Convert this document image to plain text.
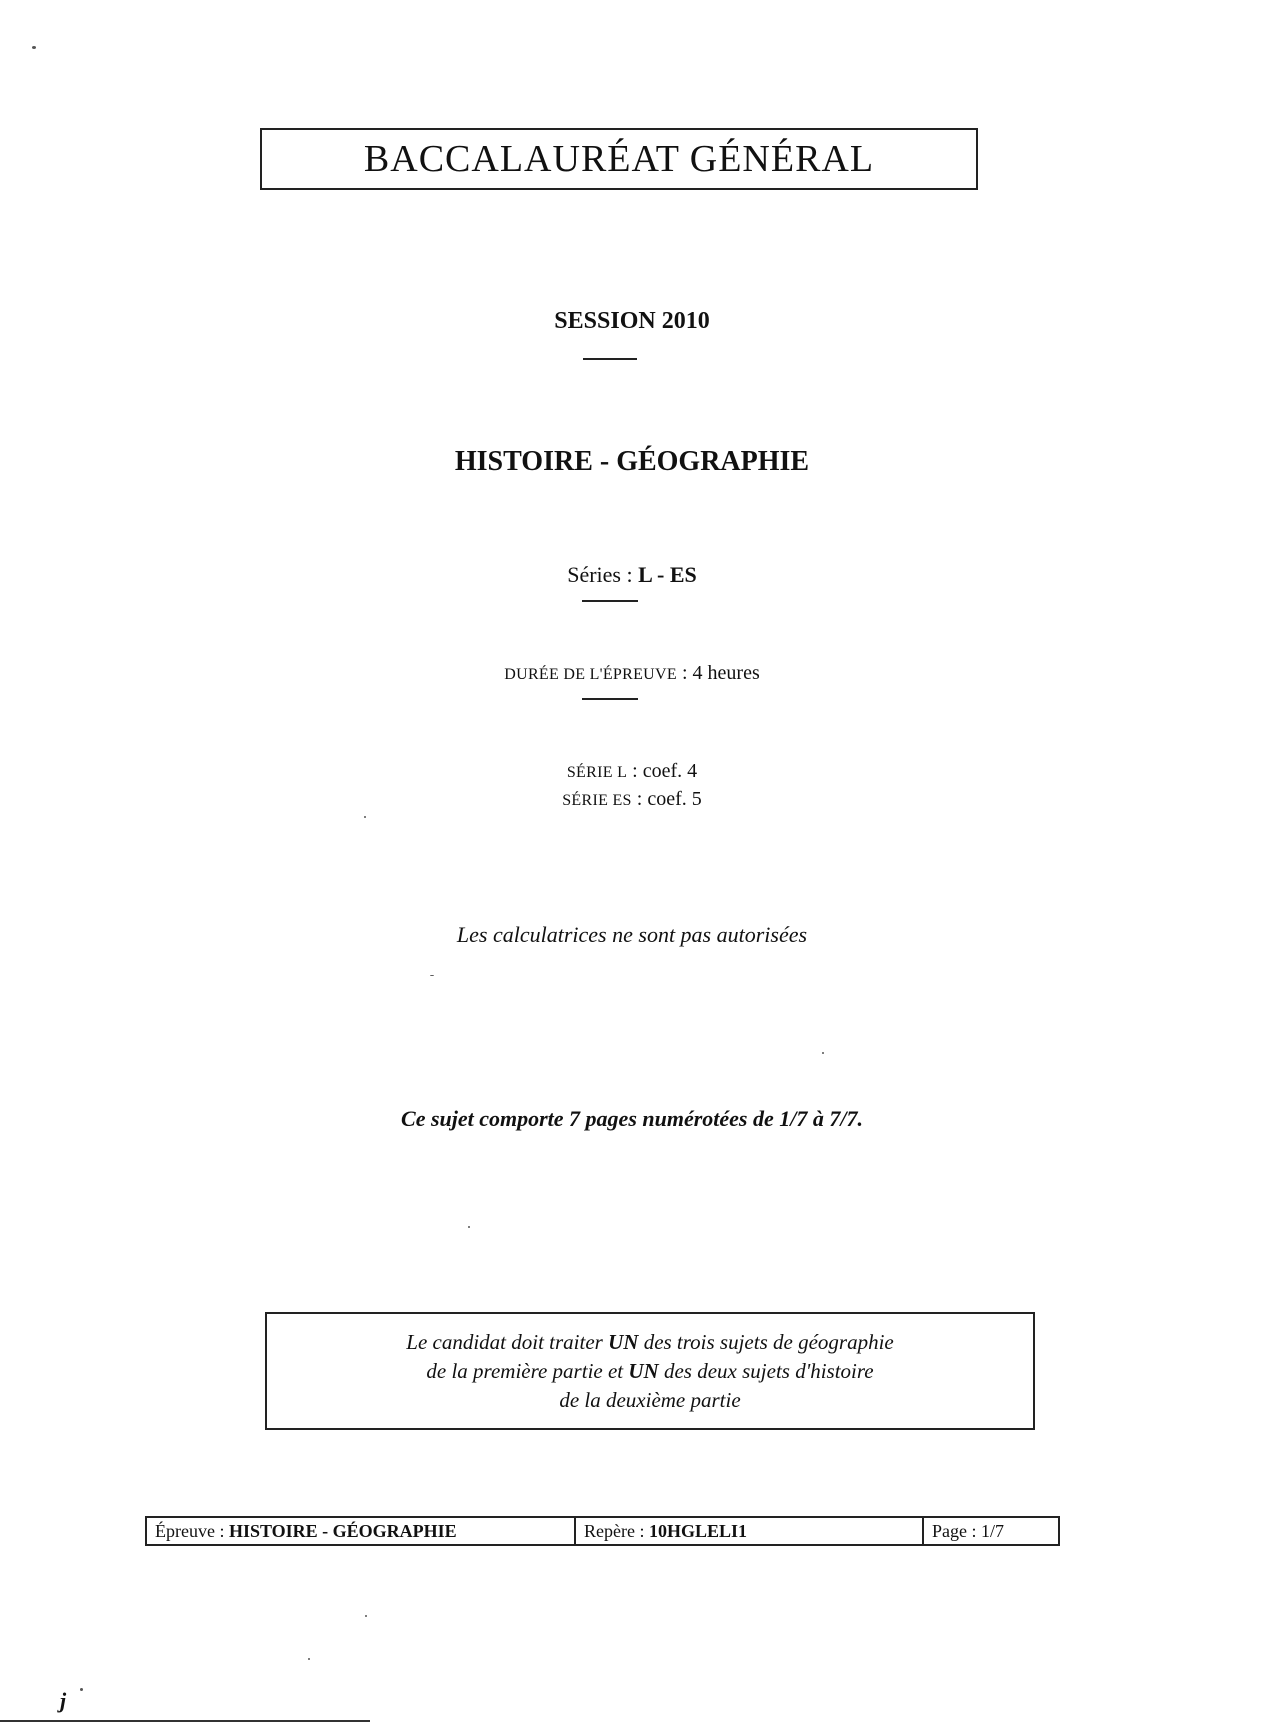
BACCALAURÉAT GÉNÉRAL
SESSION 2010
HISTOIRE - GÉOGRAPHIE
Séries : L - ES
DURÉE DE L'ÉPREUVE : 4 heures
SÉRIE L : coef. 4
SÉRIE ES : coef. 5
Les calculatrices ne sont pas autorisées
Ce sujet comporte 7 pages numérotées de 1/7 à 7/7.
Le candidat doit traiter UN des trois sujets de géographie
de la première partie et UN des deux sujets d'histoire
de la deuxième partie
Épreuve :
HISTOIRE - GÉOGRAPHIE	Repère :
10HGLELI1	Page :
1/7
j
